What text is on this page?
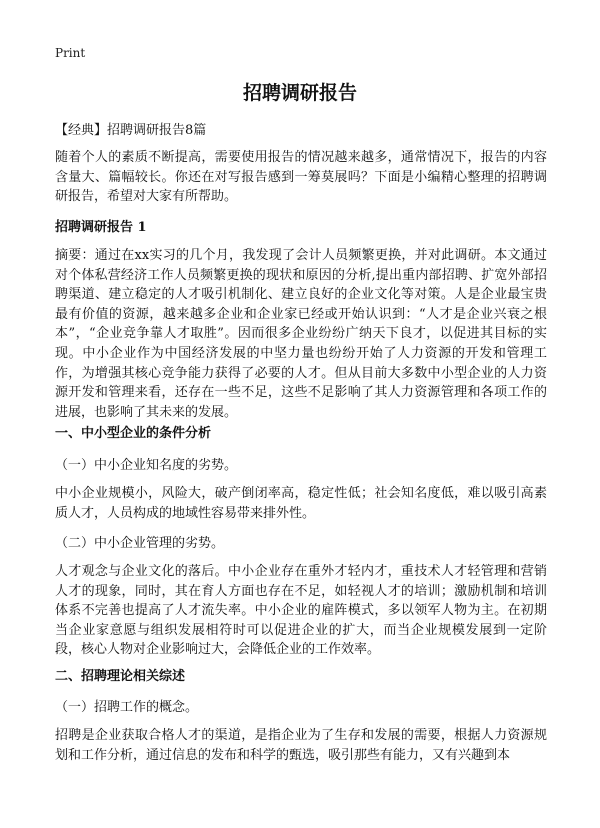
Print
招聘调研报告
【经典】招聘调研报告8篇

随着个人的素质不断提高，需要使用报告的情况越来越多，通常情况下，报告的内容含量大、篇幅较长。你还在对写报告感到一筹莫展吗？下面是小编精心整理的招聘调研报告，希望对大家有所帮助。

招聘调研报告 1

摘要：通过在xx实习的几个月，我发现了会计人员频繁更换，并对此调研。本文通过对个体私营经济工作人员频繁更换的现状和原因的分析,提出重内部招聘、扩宽外部招聘渠道、建立稳定的人才吸引机制化、建立良好的企业文化等对策。人是企业最宝贵最有价值的资源，越来越多企业和企业家已经或开始认识到：“人才是企业兴衰之根本”，“企业竞争靠人才取胜”。因而很多企业纷纷广纳天下良才，以促进其目标的实现。中小企业作为中国经济发展的中坚力量也纷纷开始了人力资源的开发和管理工作，为增强其核心竞争能力获得了必要的人才。但从目前大多数中小型企业的人力资源开发和管理来看，还存在一些不足，这些不足影响了其人力资源管理和各项工作的进展，也影响了其未来的发展。

一、中小型企业的条件分析

（一）中小企业知名度的劣势。

中小企业规模小，风险大，破产倒闭率高，稳定性低；社会知名度低，难以吸引高素质人才，人员构成的地域性容易带来排外性。

（二）中小企业管理的劣势。

人才观念与企业文化的落后。中小企业存在重外才轻内才，重技术人才轻管理和营销人才的现象，同时，其在育人方面也存在不足，如轻视人才的培训；激励机制和培训体系不完善也提高了人才流失率。中小企业的雇阵模式，多以领军人物为主。在初期当企业家意愿与组织发展相符时可以促进企业的扩大，而当企业规模发展到一定阶段，核心人物对企业影响过大，会降低企业的工作效率。

二、招聘理论相关综述

（一）招聘工作的概念。

招聘是企业获取合格人才的渠道，是指企业为了生存和发展的需要，根据人力资源规划和工作分析，通过信息的发布和科学的甄选，吸引那些有能力，又有兴趣到本
